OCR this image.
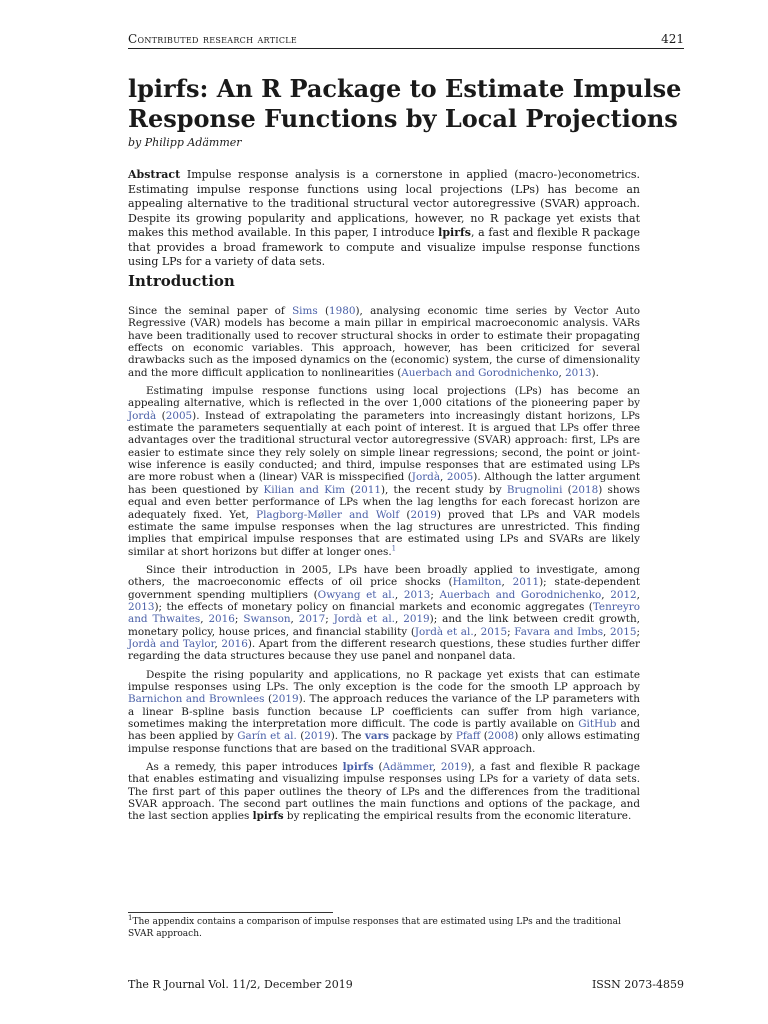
Contributed research article	421
lpirfs: An R Package to Estimate Impulse Response Functions by Local Projections
by Philipp Adämmer

Abstract Impulse response analysis is a cornerstone in applied (macro-)econometrics. Estimating impulse response functions using local projections (LPs) has become an appealing alternative to the traditional structural vector autoregressive (SVAR) approach. Despite its growing popularity and applications, however, no R package yet exists that makes this method available. In this paper, I introduce lpirfs, a fast and flexible R package that provides a broad framework to compute and visualize impulse response functions using LPs for a variety of data sets.

Introduction

Since the seminal paper of Sims (1980), analysing economic time series by Vector Auto Regressive (VAR) models has become a main pillar in empirical macroeconomic analysis. VARs have been traditionally used to recover structural shocks in order to estimate their propagating effects on economic variables. This approach, however, has been criticized for several drawbacks such as the imposed dynamics on the (economic) system, the curse of dimensionality and the more difficult application to nonlinearities (Auerbach and Gorodnichenko, 2013).

Estimating impulse response functions using local projections (LPs) has become an appealing alternative, which is reflected in the over 1,000 citations of the pioneering paper by Jordà (2005). Instead of extrapolating the parameters into increasingly distant horizons, LPs estimate the parameters sequentially at each point of interest. It is argued that LPs offer three advantages over the traditional structural vector autoregressive (SVAR) approach: first, LPs are easier to estimate since they rely solely on simple linear regressions; second, the point or joint-wise inference is easily conducted; and third, impulse responses that are estimated using LPs are more robust when a (linear) VAR is misspecified (Jordà, 2005). Although the latter argument has been questioned by Kilian and Kim (2011), the recent study by Brugnolini (2018) shows equal and even better performance of LPs when the lag lengths for each forecast horizon are adequately fixed. Yet, Plagborg-Møller and Wolf (2019) proved that LPs and VAR models estimate the same impulse responses when the lag structures are unrestricted. This finding implies that empirical impulse responses that are estimated using LPs and SVARs are likely similar at short horizons but differ at longer ones.$^1$

Since their introduction in 2005, LPs have been broadly applied to investigate, among others, the macroeconomic effects of oil price shocks (Hamilton, 2011); state-dependent government spending multipliers (Owyang et al., 2013; Auerbach and Gorodnichenko, 2012, 2013); the effects of monetary policy on financial markets and economic aggregates (Tenreyro and Thwaites, 2016; Swanson, 2017; Jordà et al., 2019); and the link between credit growth, monetary policy, house prices, and financial stability (Jordà et al., 2015; Favara and Imbs, 2015; Jordà and Taylor, 2016). Apart from the different research questions, these studies further differ regarding the data structures because they use panel and nonpanel data.

Despite the rising popularity and applications, no R package yet exists that can estimate impulse responses using LPs. The only exception is the code for the smooth LP approach by Barnichon and Brownlees (2019). The approach reduces the variance of the LP parameters with a linear B-spline basis function because LP coefficients can suffer from high variance, sometimes making the interpretation more difficult. The code is partly available on GitHub and has been applied by Garín et al. (2019). The vars package by Pfaff (2008) only allows estimating impulse response functions that are based on the traditional SVAR approach.

As a remedy, this paper introduces lpirfs (Adämmer, 2019), a fast and flexible R package that enables estimating and visualizing impulse responses using LPs for a variety of data sets. The first part of this paper outlines the theory of LPs and the differences from the traditional SVAR approach. The second part outlines the main functions and options of the package, and the last section applies lpirfs by replicating the empirical results from the economic literature.

$^1$The appendix contains a comparison of impulse responses that are estimated using LPs and the traditional SVAR approach.
The R Journal Vol. 11/2, December 2019	ISSN 2073-4859
